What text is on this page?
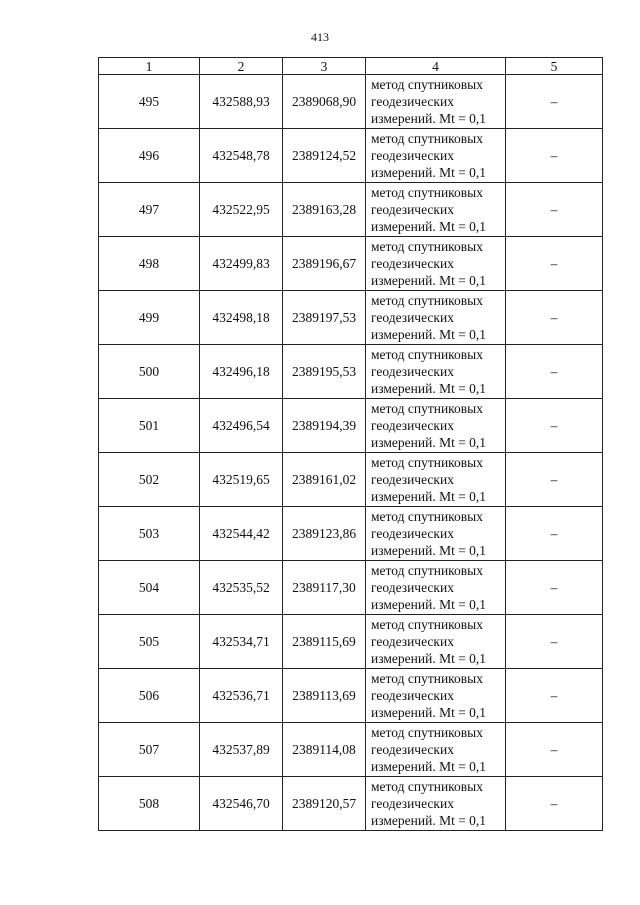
413
1	2	3	4	5
495	432588,93	2389068,90	метод спутниковых
геодезических
измерений. Mt = 0,1	–
496	432548,78	2389124,52	метод спутниковых
геодезических
измерений. Mt = 0,1	–
497	432522,95	2389163,28	метод спутниковых
геодезических
измерений. Mt = 0,1	–
498	432499,83	2389196,67	метод спутниковых
геодезических
измерений. Mt = 0,1	–
499	432498,18	2389197,53	метод спутниковых
геодезических
измерений. Mt = 0,1	–
500	432496,18	2389195,53	метод спутниковых
геодезических
измерений. Mt = 0,1	–
501	432496,54	2389194,39	метод спутниковых
геодезических
измерений. Mt = 0,1	–
502	432519,65	2389161,02	метод спутниковых
геодезических
измерений. Mt = 0,1	–
503	432544,42	2389123,86	метод спутниковых
геодезических
измерений. Mt = 0,1	–
504	432535,52	2389117,30	метод спутниковых
геодезических
измерений. Mt = 0,1	–
505	432534,71	2389115,69	метод спутниковых
геодезических
измерений. Mt = 0,1	–
506	432536,71	2389113,69	метод спутниковых
геодезических
измерений. Mt = 0,1	–
507	432537,89	2389114,08	метод спутниковых
геодезических
измерений. Mt = 0,1	–
508	432546,70	2389120,57	метод спутниковых
геодезических
измерений. Mt = 0,1	–
